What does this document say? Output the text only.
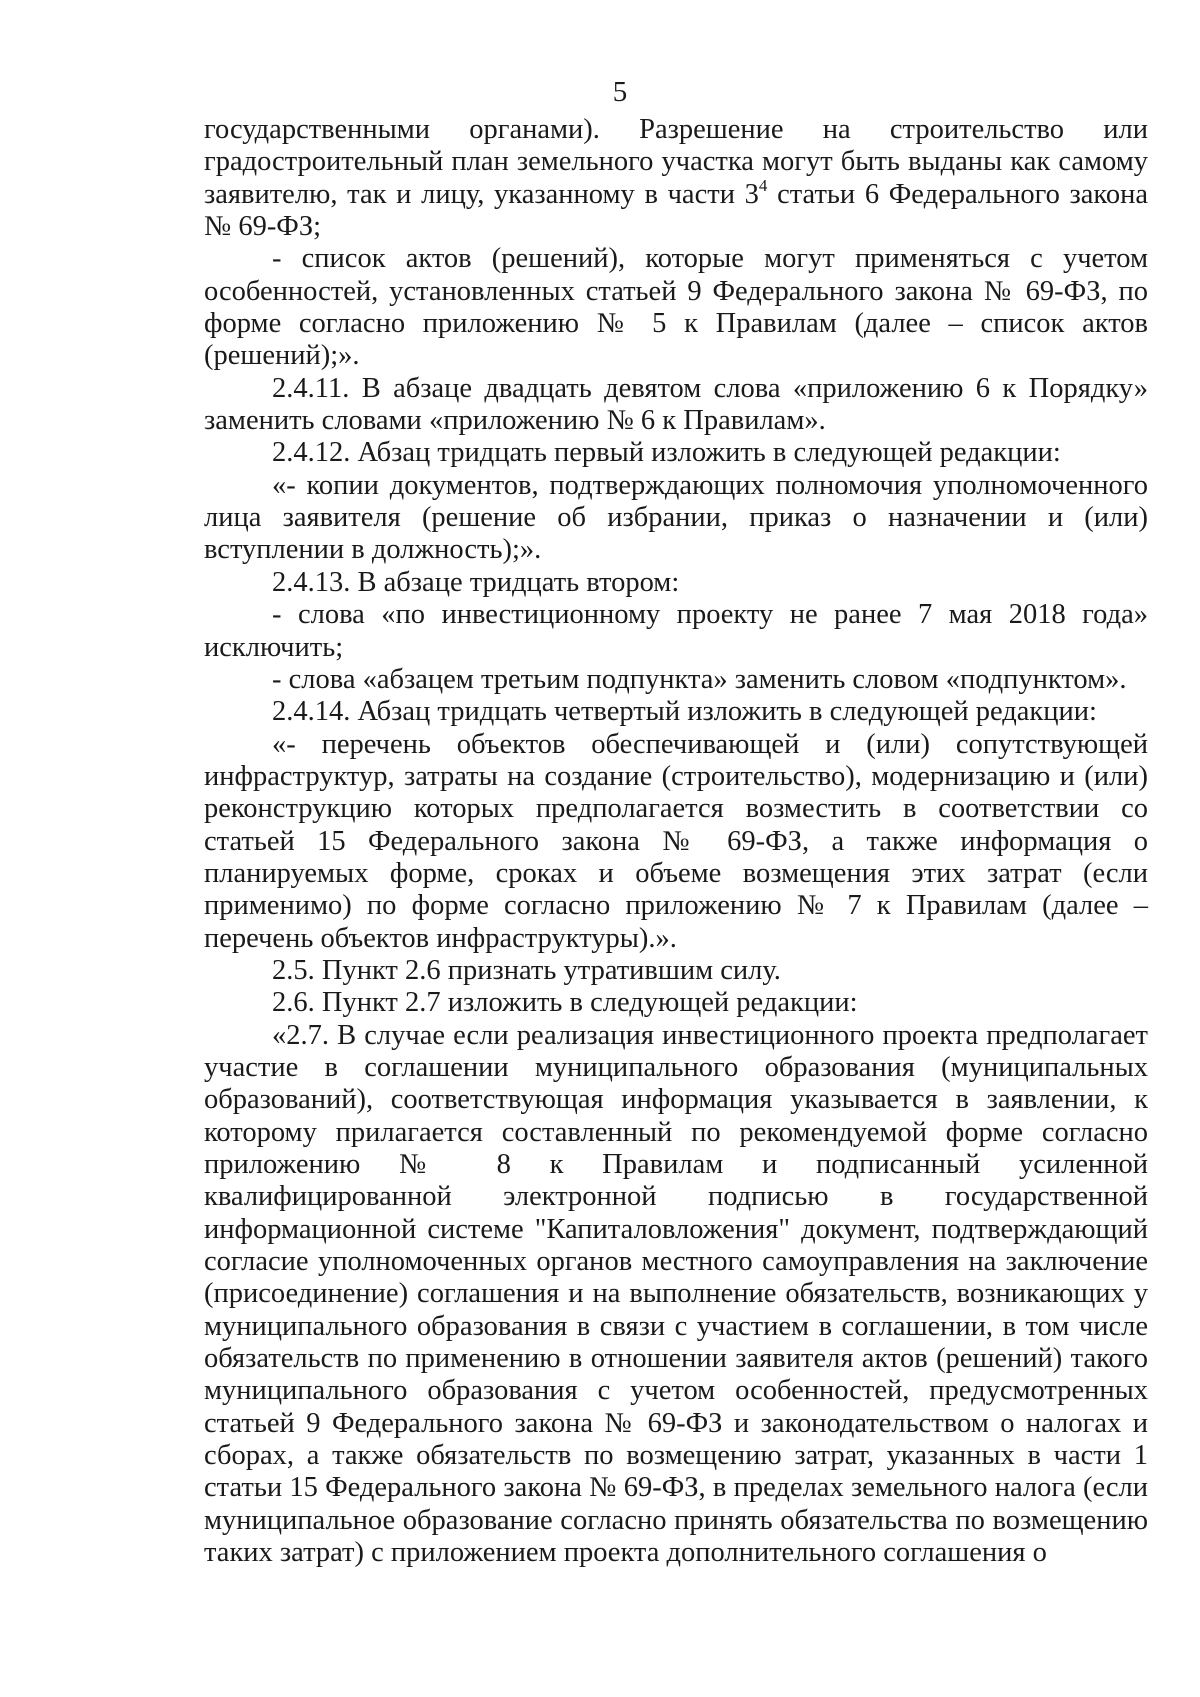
5

государственными органами). Разрешение на строительство или градостроительный план земельного участка могут быть выданы как самому заявителю, так и лицу, указанному в части $3^4$ статьи 6 Федерального закона № 69-ФЗ;

- список актов (решений), которые могут применяться с учетом особенностей, установленных статьей 9 Федерального закона № 69-ФЗ, по форме согласно приложению № 5 к Правилам (далее – список актов (решений);».

2.4.11. В абзаце двадцать девятом слова «приложению 6 к Порядку» заменить словами «приложению № 6 к Правилам».

2.4.12. Абзац тридцать первый изложить в следующей редакции:

«- копии документов, подтверждающих полномочия уполномоченного лица заявителя (решение об избрании, приказ о назначении и (или) вступлении в должность);».

2.4.13. В абзаце тридцать втором:

- слова «по инвестиционному проекту не ранее 7 мая 2018 года» исключить;

- слова «абзацем третьим подпункта» заменить словом «подпунктом».

2.4.14. Абзац тридцать четвертый изложить в следующей редакции:

«- перечень объектов обеспечивающей и (или) сопутствующей инфраструктур, затраты на создание (строительство), модернизацию и (или) реконструкцию которых предполагается возместить в соответствии со статьей 15 Федерального закона № 69-ФЗ, а также информация о планируемых форме, сроках и объеме возмещения этих затрат (если применимо) по форме согласно приложению № 7 к Правилам (далее – перечень объектов инфраструктуры).».

2.5. Пункт 2.6 признать утратившим силу.

2.6. Пункт 2.7 изложить в следующей редакции:

«2.7. В случае если реализация инвестиционного проекта предполагает участие в соглашении муниципального образования (муниципальных образований), соответствующая информация указывается в заявлении, к которому прилагается составленный по рекомендуемой форме согласно приложению № 8 к Правилам и подписанный усиленной квалифицированной электронной подписью в государственной информационной системе "Капиталовложения" документ, подтверждающий согласие уполномоченных органов местного самоуправления на заключение (присоединение) соглашения и на выполнение обязательств, возникающих у муниципального образования в связи с участием в соглашении, в том числе обязательств по применению в отношении заявителя актов (решений) такого муниципального образования с учетом особенностей, предусмотренных статьей 9 Федерального закона № 69-ФЗ и законодательством о налогах и сборах, а также обязательств по возмещению затрат, указанных в части 1 статьи 15 Федерального закона № 69-ФЗ, в пределах земельного налога (если муниципальное образование согласно принять обязательства по возмещению таких затрат) с приложением проекта дополнительного соглашения о
